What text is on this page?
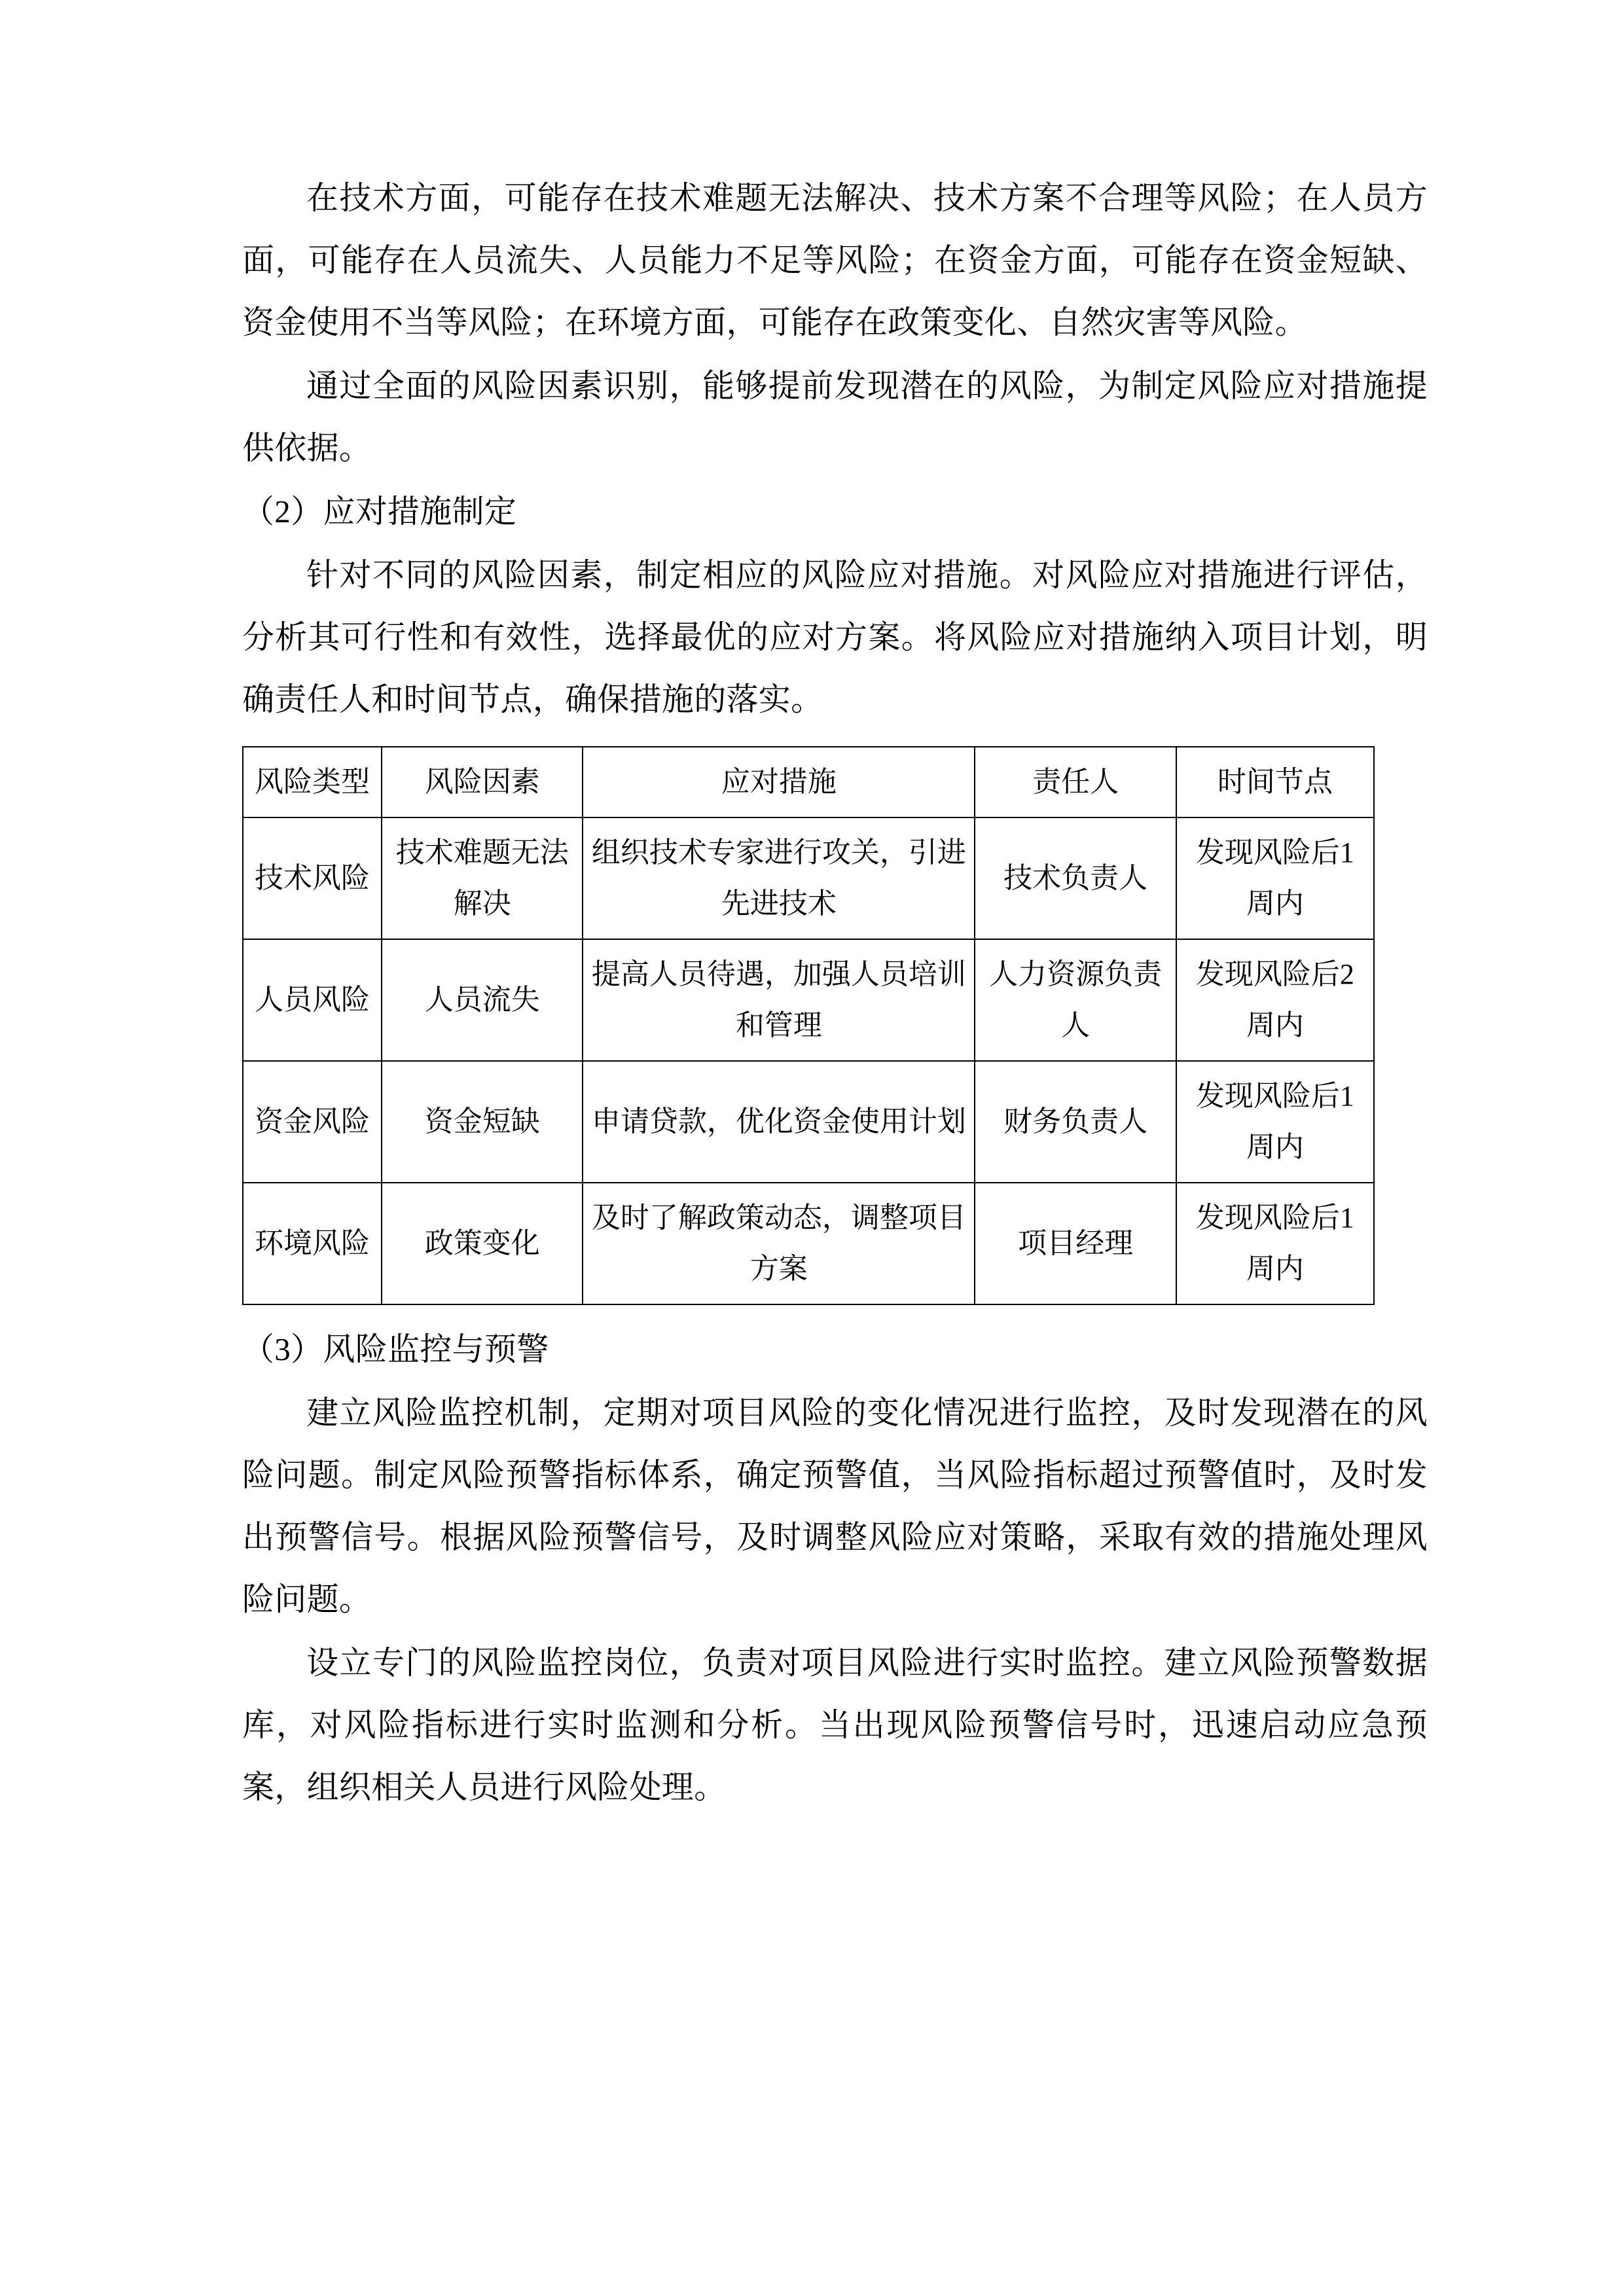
在技术方面，可能存在技术难题无法解决、技术方案不合理等风险；在人员方面，可能存在人员流失、人员能力不足等风险；在资金方面，可能存在资金短缺、资金使用不当等风险；在环境方面，可能存在政策变化、自然灾害等风险。

通过全面的风险因素识别，能够提前发现潜在的风险，为制定风险应对措施提供依据。

（2）应对措施制定

针对不同的风险因素，制定相应的风险应对措施。对风险应对措施进行评估，分析其可行性和有效性，选择最优的应对方案。将风险应对措施纳入项目计划，明确责任人和时间节点，确保措施的落实。

风险类型	风险因素	应对措施	责任人	时间节点
技术风险	技术难题无法解决	组织技术专家进行攻关，引进先进技术	技术负责人	发现风险后1周内
人员风险	人员流失	提高人员待遇，加强人员培训和管理	人力资源负责人	发现风险后2周内
资金风险	资金短缺	申请贷款，优化资金使用计划	财务负责人	发现风险后1周内
环境风险	政策变化	及时了解政策动态，调整项目方案	项目经理	发现风险后1周内

（3）风险监控与预警

建立风险监控机制，定期对项目风险的变化情况进行监控，及时发现潜在的风险问题。制定风险预警指标体系，确定预警值，当风险指标超过预警值时，及时发出预警信号。根据风险预警信号，及时调整风险应对策略，采取有效的措施处理风险问题。

设立专门的风险监控岗位，负责对项目风险进行实时监控。建立风险预警数据库，对风险指标进行实时监测和分析。当出现风险预警信号时，迅速启动应急预案，组织相关人员进行风险处理。
